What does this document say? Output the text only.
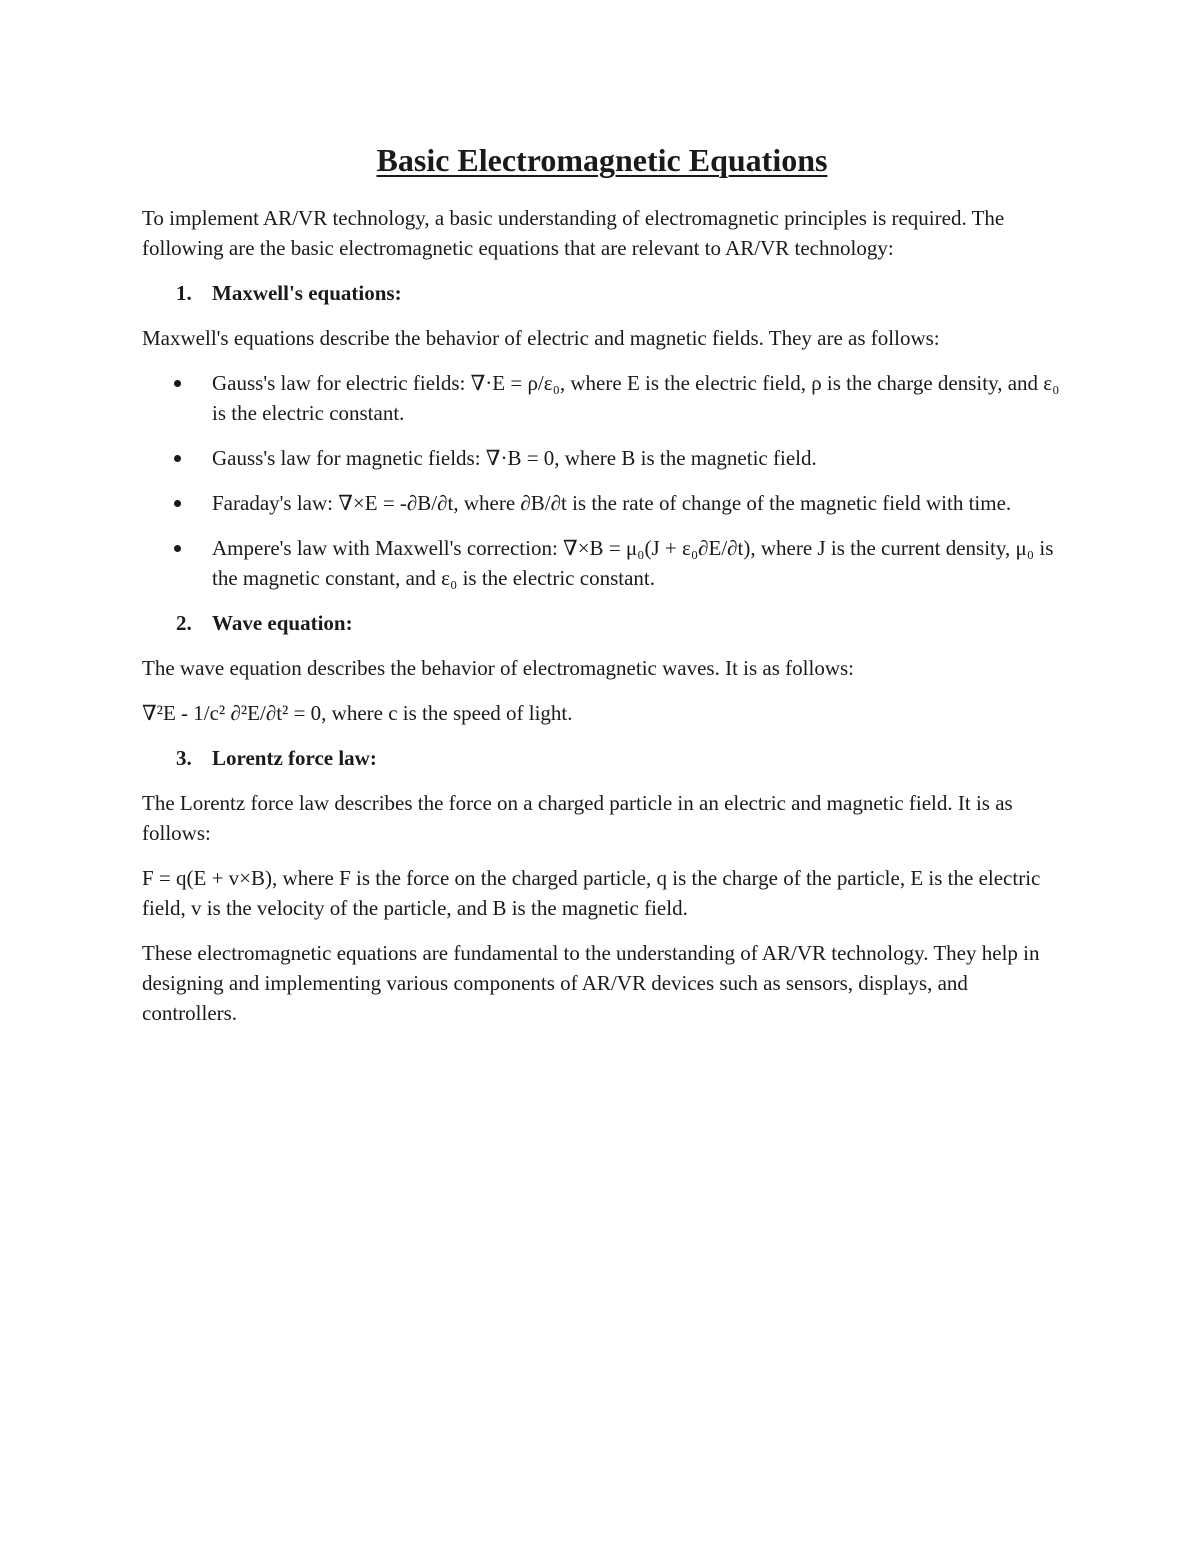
Basic Electromagnetic Equations

To implement AR/VR technology, a basic understanding of electromagnetic principles is required. The following are the basic electromagnetic equations that are relevant to AR/VR technology:

1. Maxwell's equations:

Maxwell's equations describe the behavior of electric and magnetic fields. They are as follows:

Gauss's law for electric fields: ∇·E = ρ/ε₀, where E is the electric field, ρ is the charge density, and ε₀ is the electric constant.
Gauss's law for magnetic fields: ∇·B = 0, where B is the magnetic field.
Faraday's law: ∇×E = -∂B/∂t, where ∂B/∂t is the rate of change of the magnetic field with time.
Ampere's law with Maxwell's correction: ∇×B = μ₀(J + ε₀∂E/∂t), where J is the current density, μ₀ is the magnetic constant, and ε₀ is the electric constant.
2. Wave equation:

The wave equation describes the behavior of electromagnetic waves. It is as follows:

∇²E - 1/c² ∂²E/∂t² = 0, where c is the speed of light.

3. Lorentz force law:

The Lorentz force law describes the force on a charged particle in an electric and magnetic field. It is as follows:

F = q(E + v×B), where F is the force on the charged particle, q is the charge of the particle, E is the electric field, v is the velocity of the particle, and B is the magnetic field.

These electromagnetic equations are fundamental to the understanding of AR/VR technology. They help in designing and implementing various components of AR/VR devices such as sensors, displays, and controllers.
